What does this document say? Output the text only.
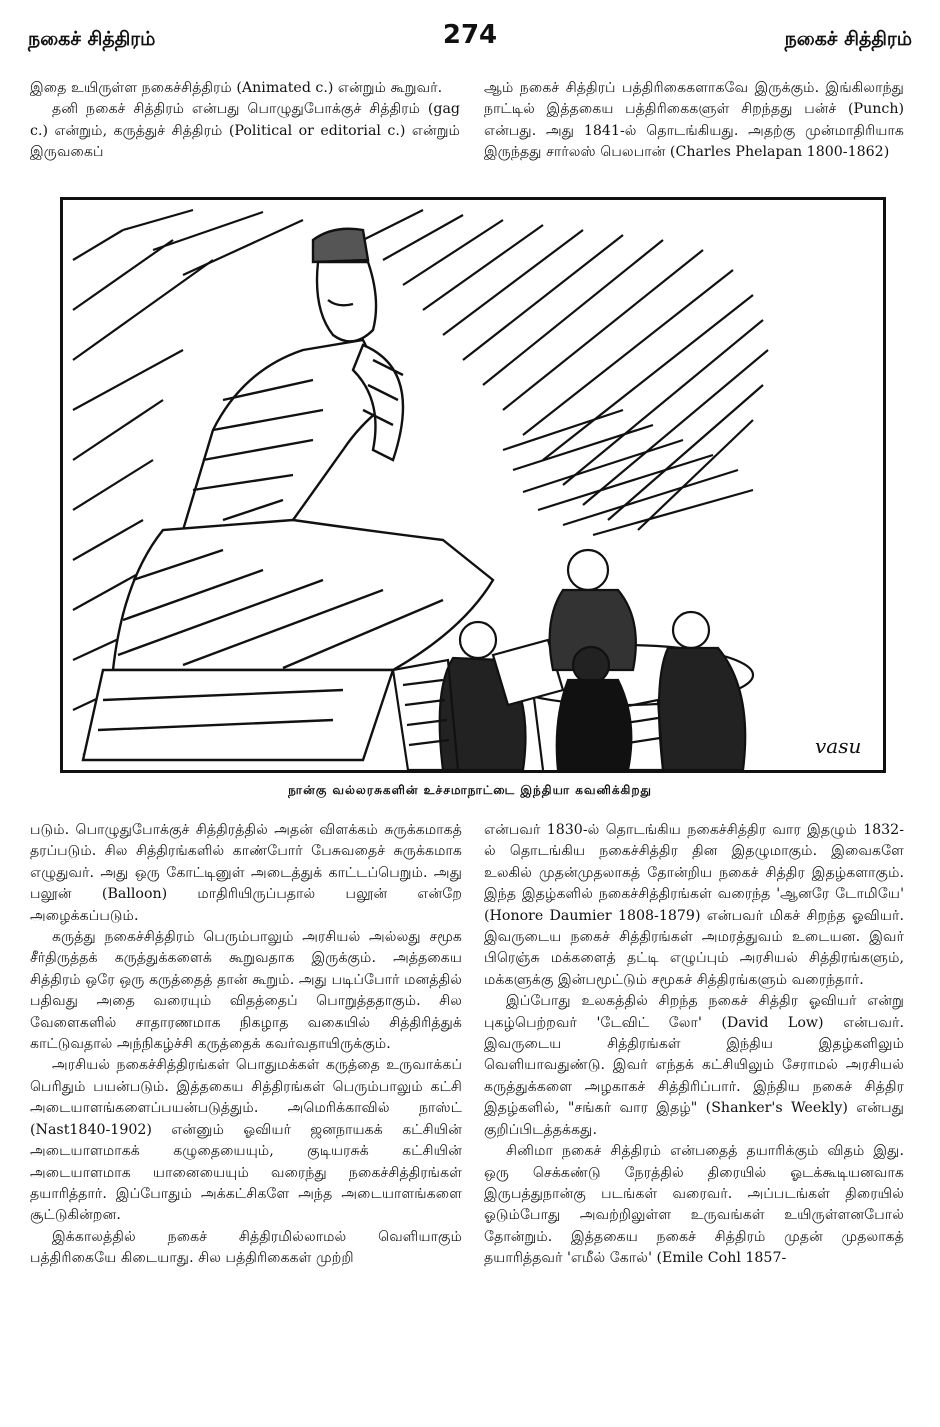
நகைச் சித்திரம்	274	நகைச் சித்திரம்

இதை உயிருள்ள நகைச்சித்திரம் (Animated c.) என்றும் கூறுவர்.

தனி நகைச் சித்திரம் என்பது பொழுதுபோக்குச் சித்திரம் (gag c.) என்றும், கருத்துச் சித்திரம் (Political or editorial c.) என்றும் இருவகைப்

ஆம் நகைச் சித்திரப் பத்திரிகைகளாகவே இருக்கும். இங்கிலாந்து நாட்டில் இத்தகைய பத்திரிகைகளுள் சிறந்தது பன்ச் (Punch) என்பது. அது 1841-ல் தொடங்கியது. அதற்கு முன்மாதிரியாக இருந்தது சார்லஸ் பெலபான் (Charles Phelapan 1800-1862)

vasu
நான்கு வல்லரசுகளின் உச்சமாநாட்டை இந்தியா கவனிக்கிறது

படும். பொழுதுபோக்குச் சித்திரத்தில் அதன் விளக்கம் சுருக்கமாகத் தரப்படும். சில சித்திரங்களில் காண்போர் பேசுவதைச் சுருக்கமாக எழுதுவர். அது ஒரு கோட்டினுள் அடைத்துக் காட்டப்பெறும். அது பலூன் (Balloon) மாதிரியிருப்பதால் பலூன் என்றே அழைக்கப்படும்.

கருத்து நகைச்சித்திரம் பெரும்பாலும் அரசியல் அல்லது சமூக சீர்திருத்தக் கருத்துக்களைக் கூறுவதாக இருக்கும். அத்தகைய சித்திரம் ஒரே ஒரு கருத்தைத் தான் கூறும். அது படிப்போர் மனத்தில் பதிவது அதை வரையும் விதத்தைப் பொறுத்ததாகும். சில வேளைகளில் சாதாரணமாக நிகழாத வகையில் சித்திரித்துக் காட்டுவதால் அந்நிகழ்ச்சி கருத்தைக் கவர்வதாயிருக்கும்.

அரசியல் நகைச்சித்திரங்கள் பொதுமக்கள் கருத்தை உருவாக்கப் பெரிதும் பயன்படும். இத்தகைய சித்திரங்கள் பெரும்பாலும் கட்சி அடையாளங்களைப்பயன்படுத்தும். அமெரிக்காவில் நாஸ்ட் (Nast1840-1902) என்னும் ஓவியர் ஜனநாயகக் கட்சியின் அடையாளமாகக் கழுதையையும், குடியரசுக் கட்சியின் அடையாளமாக யானையையும் வரைந்து நகைச்சித்திரங்கள் தயாரித்தார். இப்போதும் அக்கட்சிகளே அந்த அடையாளங்களை சூட்டுகின்றன.

இக்காலத்தில் நகைச் சித்திரமில்லாமல் வெளியாகும் பத்திரிகையே கிடையாது. சில பத்திரிகைகள் முற்றி

என்பவர் 1830-ல் தொடங்கிய நகைச்சித்திர வார இதழும் 1832-ல் தொடங்கிய நகைச்சித்திர தின இதழுமாகும். இவைகளே உலகில் முதன்முதலாகத் தோன்றிய நகைச் சித்திர இதழ்களாகும். இந்த இதழ்களில் நகைச்சித்திரங்கள் வரைந்த 'ஆனரே டோமியே' (Honore Daumier 1808-1879) என்பவர் மிகச் சிறந்த ஓவியர். இவருடைய நகைச் சித்திரங்கள் அமரத்துவம் உடையன. இவர் பிரெஞ்சு மக்களைத் தட்டி எழுப்பும் அரசியல் சித்திரங்களும், மக்களுக்கு இன்பமூட்டும் சமூகச் சித்திரங்களும் வரைந்தார்.

இப்போது உலகத்தில் சிறந்த நகைச் சித்திர ஓவியர் என்று புகழ்பெற்றவர் 'டேவிட் லோ' (David Low) என்பவர். இவருடைய சித்திரங்கள் இந்திய இதழ்களிலும் வெளியாவதுண்டு. இவர் எந்தக் கட்சியிலும் சேராமல் அரசியல் கருத்துக்களை அழகாகச் சித்திரிப்பார். இந்திய நகைச் சித்திர இதழ்களில், "சங்கர் வார இதழ்" (Shanker's Weekly) என்பது குறிப்பிடத்தக்கது.

சினிமா நகைச் சித்திரம் என்பதைத் தயாரிக்கும் விதம் இது. ஒரு செக்கண்டு நேரத்தில் திரையில் ஓடக்கூடியனவாக இருபத்துநான்கு படங்கள் வரைவர். அப்படங்கள் திரையில் ஓடும்போது அவற்றிலுள்ள உருவங்கள் உயிருள்ளனபோல் தோன்றும். இத்தகைய நகைச் சித்திரம் முதன் முதலாகத் தயாரித்தவர் 'எமீல் கோல்' (Emile Cohl 1857-
